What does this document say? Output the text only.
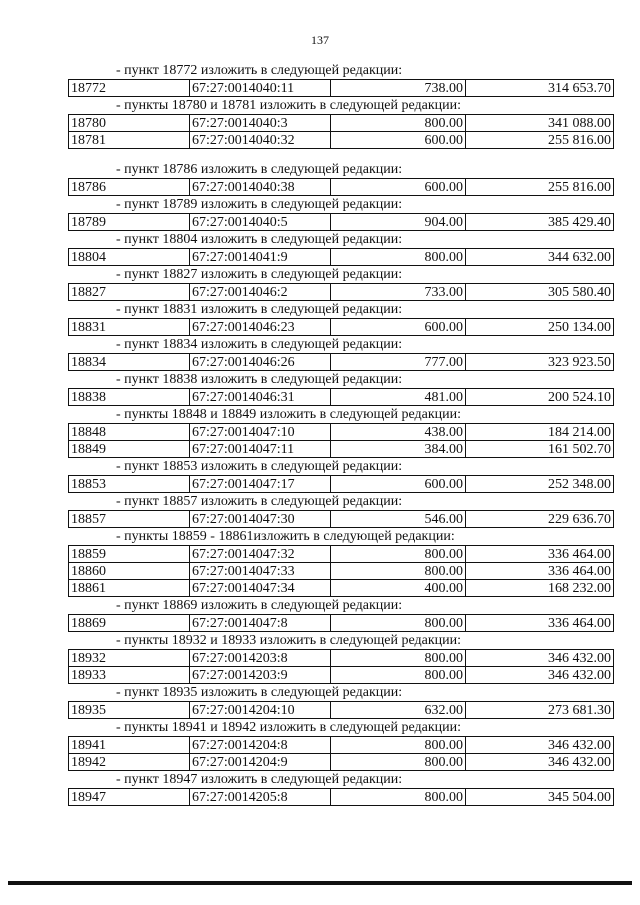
137
- пункт 18772 изложить в следующей редакции:
18772	67:27:0014040:11	738.00	314 653.70
- пункты 18780 и 18781 изложить в следующей редакции:
18780	67:27:0014040:3	800.00	341 088.00
18781	67:27:0014040:32	600.00	255 816.00
- пункт 18786 изложить в следующей редакции:
18786	67:27:0014040:38	600.00	255 816.00
- пункт 18789 изложить в следующей редакции:
18789	67:27:0014040:5	904.00	385 429.40
- пункт 18804 изложить в следующей редакции:
18804	67:27:0014041:9	800.00	344 632.00
- пункт 18827 изложить в следующей редакции:
18827	67:27:0014046:2	733.00	305 580.40
- пункт 18831 изложить в следующей редакции:
18831	67:27:0014046:23	600.00	250 134.00
- пункт 18834 изложить в следующей редакции:
18834	67:27:0014046:26	777.00	323 923.50
- пункт 18838 изложить в следующей редакции:
18838	67:27:0014046:31	481.00	200 524.10
- пункты 18848 и 18849 изложить в следующей редакции:
18848	67:27:0014047:10	438.00	184 214.00
18849	67:27:0014047:11	384.00	161 502.70
- пункт 18853 изложить в следующей редакции:
18853	67:27:0014047:17	600.00	252 348.00
- пункт 18857 изложить в следующей редакции:
18857	67:27:0014047:30	546.00	229 636.70
- пункты 18859 - 18861изложить в следующей редакции:
18859	67:27:0014047:32	800.00	336 464.00
18860	67:27:0014047:33	800.00	336 464.00
18861	67:27:0014047:34	400.00	168 232.00
- пункт 18869 изложить в следующей редакции:
18869	67:27:0014047:8	800.00	336 464.00
- пункты 18932 и 18933 изложить в следующей редакции:
18932	67:27:0014203:8	800.00	346 432.00
18933	67:27:0014203:9	800.00	346 432.00
- пункт 18935 изложить в следующей редакции:
18935	67:27:0014204:10	632.00	273 681.30
- пункты 18941 и 18942 изложить в следующей редакции:
18941	67:27:0014204:8	800.00	346 432.00
18942	67:27:0014204:9	800.00	346 432.00
- пункт 18947 изложить в следующей редакции:
18947	67:27:0014205:8	800.00	345 504.00
